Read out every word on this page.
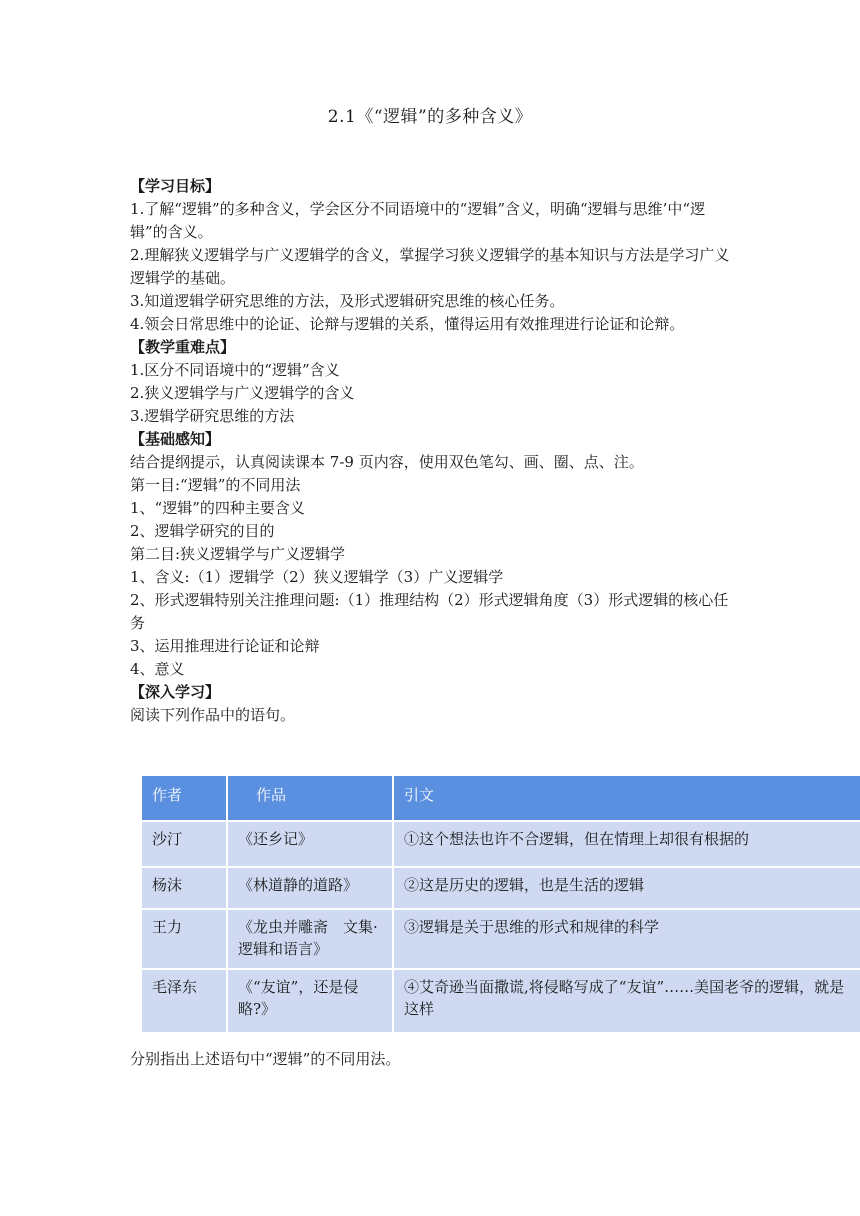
2.1《“逻辑”的多种含义》

【学习目标】

1.了解“逻辑”的多种含义，学会区分不同语境中的“逻辑”含义，明确“逻辑与思维’中“逻辑”的含义。

2.理解狭义逻辑学与广义逻辑学的含义，掌握学习狭义逻辑学的基本知识与方法是学习广义逻辑学的基础。

3.知道逻辑学研究思维的方法，及形式逻辑研究思维的核心任务。

4.领会日常思维中的论证、论辩与逻辑的关系，懂得运用有效推理进行论证和论辩。

【教学重难点】

1.区分不同语境中的“逻辑”含义

2.狭义逻辑学与广义逻辑学的含义

3.逻辑学研究思维的方法

【基础感知】

结合提纲提示，认真阅读课本 7-9 页内容，使用双色笔勾、画、圈、点、注。

第一目:“逻辑”的不同用法

1、“逻辑”的四种主要含义

2、逻辑学研究的目的

第二目:狭义逻辑学与广义逻辑学

1、含义:（1）逻辑学（2）狭义逻辑学（3）广义逻辑学

2、形式逻辑特别关注推理问题:（1）推理结构（2）形式逻辑角度（3）形式逻辑的核心任务

3、运用推理进行论证和论辩

4、意义

【深入学习】

阅读下列作品中的语句。

作者	作品	引文
沙汀	《还乡记》	①这个想法也许不合逻辑，但在情理上却很有根据的
杨沫	《林道静的道路》	②这是历史的逻辑，也是生活的逻辑
王力	《龙虫并雕斋　文集·逻辑和语言》	③逻辑是关于思维的形式和规律的科学
毛泽东	《“友谊”，还是侵略?》	④艾奇逊当面撒谎,将侵略写成了“友谊”……美国老爷的逻辑，就是这样
分别指出上述语句中“逻辑”的不同用法。
